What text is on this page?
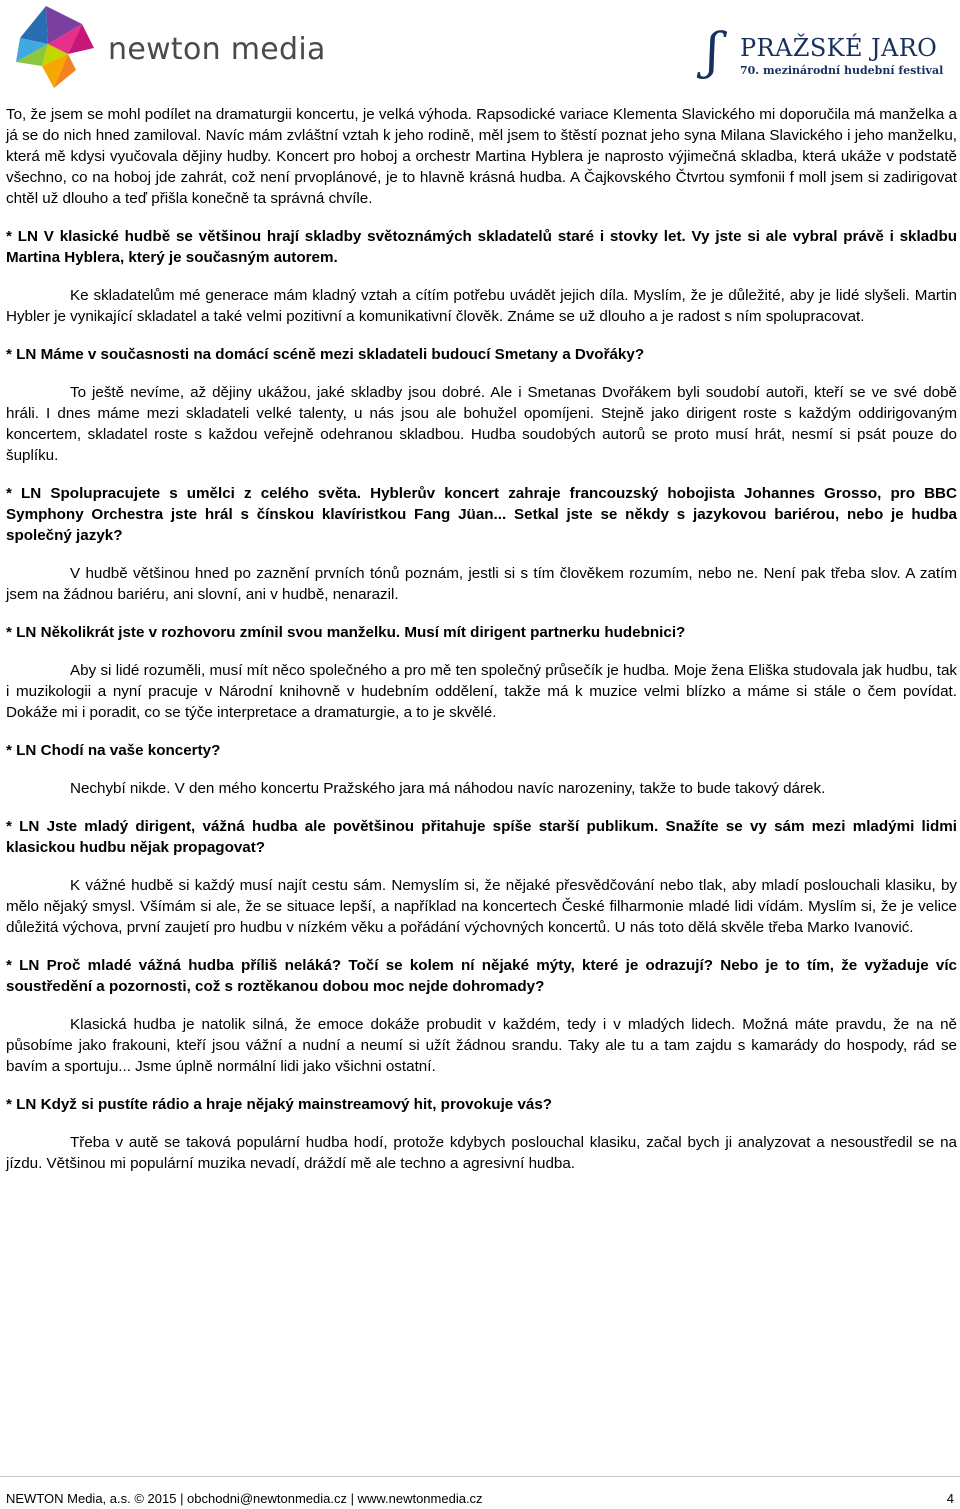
newton media	ʃ PRAŽSKÉ JARO
70. mezinárodní hudební festival

To, že jsem se mohl podílet na dramaturgii koncertu, je velká výhoda. Rapsodické variace Klementa Slavického mi doporučila má manželka a já se do nich hned zamiloval. Navíc mám zvláštní vztah k jeho rodině, měl jsem to štěstí poznat jeho syna Milana Slavického i jeho manželku, která mě kdysi vyučovala dějiny hudby. Koncert pro hoboj a orchestr Martina Hyblera je naprosto výjimečná skladba, která ukáže v podstatě všechno, co na hoboj jde zahrát, což není prvoplánové, je to hlavně krásná hudba. A Čajkovského Čtvrtou symfonii f moll jsem si zadirigovat chtěl už dlouho a teď přišla konečně ta správná chvíle.

* LN V klasické hudbě se většinou hrají skladby světoznámých skladatelů staré i stovky let. Vy jste si ale vybral právě i skladbu Martina Hyblera, který je současným autorem.

Ke skladatelům mé generace mám kladný vztah a cítím potřebu uvádět jejich díla. Myslím, že je důležité, aby je lidé slyšeli. Martin Hybler je vynikající skladatel a také velmi pozitivní a komunikativní člověk. Známe se už dlouho a je radost s ním spolupracovat.

* LN Máme v současnosti na domácí scéně mezi skladateli budoucí Smetany a Dvořáky?

To ještě nevíme, až dějiny ukážou, jaké skladby jsou dobré. Ale i Smetanas Dvořákem byli soudobí autoři, kteří se ve své době hráli. I dnes máme mezi skladateli velké talenty, u nás jsou ale bohužel opomíjeni. Stejně jako dirigent roste s každým oddirigovaným koncertem, skladatel roste s každou veřejně odehranou skladbou. Hudba soudobých autorů se proto musí hrát, nesmí si psát pouze do šuplíku.

* LN Spolupracujete s umělci z celého světa. Hyblerův koncert zahraje francouzský hobojista Johannes Grosso, pro BBC Symphony Orchestra jste hrál s čínskou klavíristkou Fang Jüan... Setkal jste se někdy s jazykovou bariérou, nebo je hudba společný jazyk?

V hudbě většinou hned po zaznění prvních tónů poznám, jestli si s tím člověkem rozumím, nebo ne. Není pak třeba slov. A zatím jsem na žádnou bariéru, ani slovní, ani v hudbě, nenarazil.

* LN Několikrát jste v rozhovoru zmínil svou manželku. Musí mít dirigent partnerku hudebnici?

Aby si lidé rozuměli, musí mít něco společného a pro mě ten společný průsečík je hudba. Moje žena Eliška studovala jak hudbu, tak i muzikologii a nyní pracuje v Národní knihovně v hudebním oddělení, takže má k muzice velmi blízko a máme si stále o čem povídat. Dokáže mi i poradit, co se týče interpretace a dramaturgie, a to je skvělé.

* LN Chodí na vaše koncerty?

Nechybí nikde. V den mého koncertu Pražského jara má náhodou navíc narozeniny, takže to bude takový dárek.

* LN Jste mladý dirigent, vážná hudba ale povětšinou přitahuje spíše starší publikum. Snažíte se vy sám mezi mladými lidmi klasickou hudbu nějak propagovat?

K vážné hudbě si každý musí najít cestu sám. Nemyslím si, že nějaké přesvědčování nebo tlak, aby mladí poslouchali klasiku, by mělo nějaký smysl. Všímám si ale, že se situace lepší, a například na koncertech České filharmonie mladé lidi vídám. Myslím si, že je velice důležitá výchova, první zaujetí pro hudbu v nízkém věku a pořádání výchovných koncertů. U nás toto dělá skvěle třeba Marko Ivanović.

* LN Proč mladé vážná hudba příliš neláká? Točí se kolem ní nějaké mýty, které je odrazují? Nebo je to tím, že vyžaduje víc soustředění a pozornosti, což s roztěkanou dobou moc nejde dohromady?

Klasická hudba je natolik silná, že emoce dokáže probudit v každém, tedy i v mladých lidech. Možná máte pravdu, že na ně působíme jako frakouni, kteří jsou vážní a nudní a neumí si užít žádnou srandu. Taky ale tu a tam zajdu s kamarády do hospody, rád se bavím a sportuju... Jsme úplně normální lidi jako všichni ostatní.

* LN Když si pustíte rádio a hraje nějaký mainstreamový hit, provokuje vás?

Třeba v autě se taková populární hudba hodí, protože kdybych poslouchal klasiku, začal bych ji analyzovat a nesoustředil se na jízdu. Většinou mi populární muzika nevadí, dráždí mě ale techno a agresivní hudba.

NEWTON Media, a.s. © 2015 | obchodni@newtonmedia.cz | www.newtonmedia.cz	4
